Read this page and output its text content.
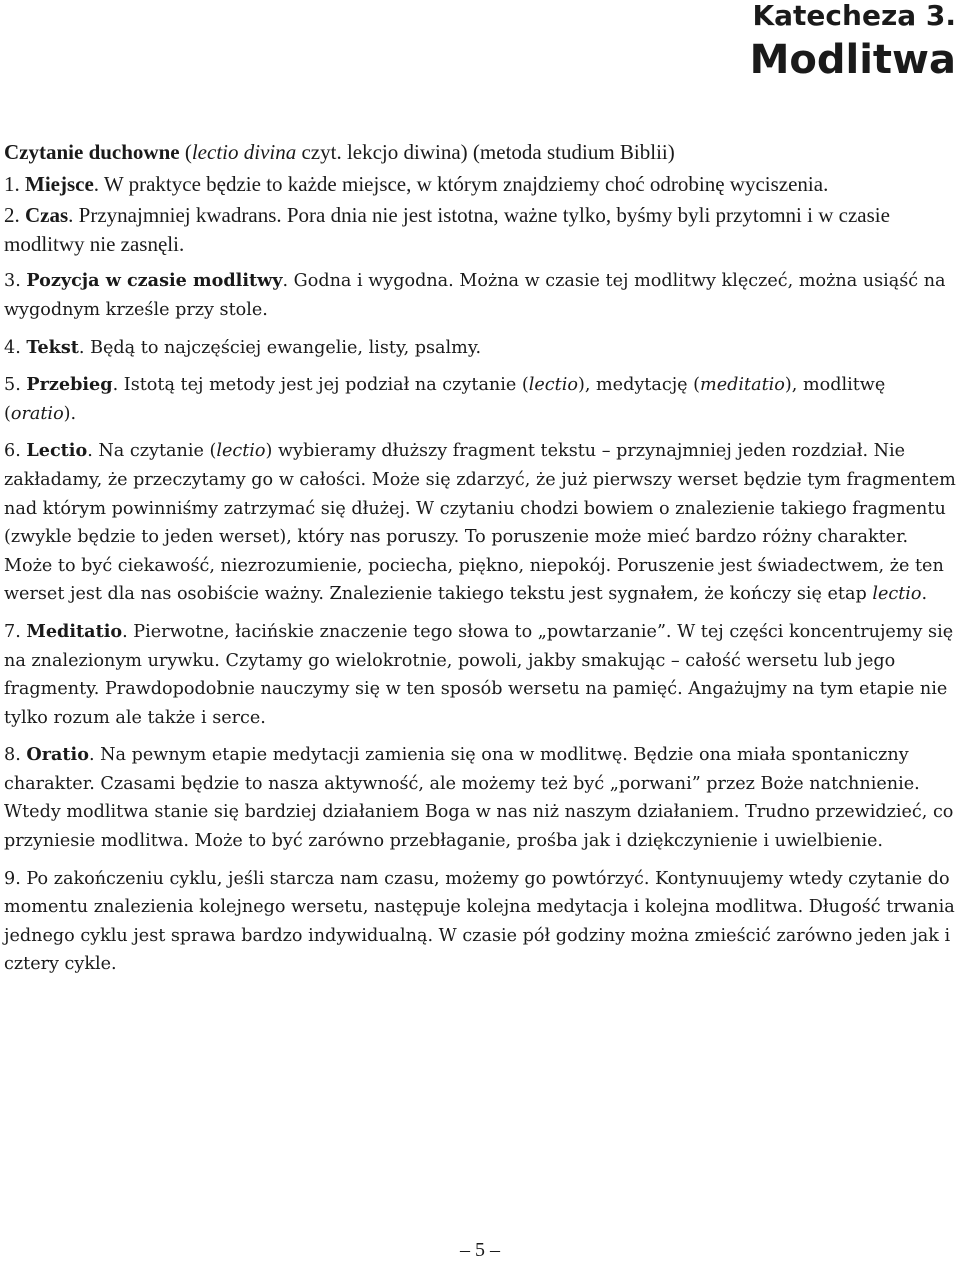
Katecheza 3.
Modlitwa

Czytanie duchowne (lectio divina czyt. lekcjo diwina) (metoda studium Biblii)

1. Miejsce. W praktyce będzie to każde miejsce, w którym znajdziemy choć odrobinę wyciszenia.

2. Czas. Przynajmniej kwadrans. Pora dnia nie jest istotna, ważne tylko, byśmy byli przytomni i w czasie modlitwy nie zasnęli.

3. Pozycja w czasie modlitwy. Godna i wygodna. Można w czasie tej modlitwy klęczeć, można usiąść na wygodnym krześle przy stole.

4. Tekst. Będą to najczęściej ewangelie, listy, psalmy.

5. Przebieg. Istotą tej metody jest jej podział na czytanie (lectio), medytację (meditatio), modlitwę (oratio).

6. Lectio. Na czytanie (lectio) wybieramy dłuższy fragment tekstu – przynajmniej jeden rozdział. Nie zakładamy, że przeczytamy go w całości. Może się zdarzyć, że już pierwszy werset będzie tym fragmentem nad którym powinniśmy zatrzymać się dłużej. W czytaniu chodzi bowiem o znalezienie takiego fragmentu (zwykle będzie to jeden werset), który nas poruszy. To poruszenie może mieć bardzo różny charakter. Może to być ciekawość, niezrozumienie, pociecha, piękno, niepokój. Poruszenie jest świadectwem, że ten werset jest dla nas osobiście ważny. Znalezienie takiego tekstu jest sygnałem, że kończy się etap lectio.

7. Meditatio. Pierwotne, łacińskie znaczenie tego słowa to „powtarzanie”. W tej części koncentrujemy się na znalezionym urywku. Czytamy go wielokrotnie, powoli, jakby smakując – całość wersetu lub jego fragmenty. Prawdopodobnie nauczymy się w ten sposób wersetu na pamięć. Angażujmy na tym etapie nie tylko rozum ale także i serce.

8. Oratio. Na pewnym etapie medytacji zamienia się ona w modlitwę. Będzie ona miała spontaniczny charakter. Czasami będzie to nasza aktywność, ale możemy też być „porwani” przez Boże natchnienie. Wtedy modlitwa stanie się bardziej działaniem Boga w nas niż naszym działaniem. Trudno przewidzieć, co przyniesie modlitwa. Może to być zarówno przebłaganie, prośba jak i dziękczynienie i uwielbienie.

9. Po zakończeniu cyklu, jeśli starcza nam czasu, możemy go powtórzyć. Kontynuujemy wtedy czytanie do momentu znalezienia kolejnego wersetu, następuje kolejna medytacja i kolejna modlitwa. Długość trwania jednego cyklu jest sprawa bardzo indywidualną. W czasie pół godziny można zmieścić zarówno jeden jak i cztery cykle.

– 5 –
